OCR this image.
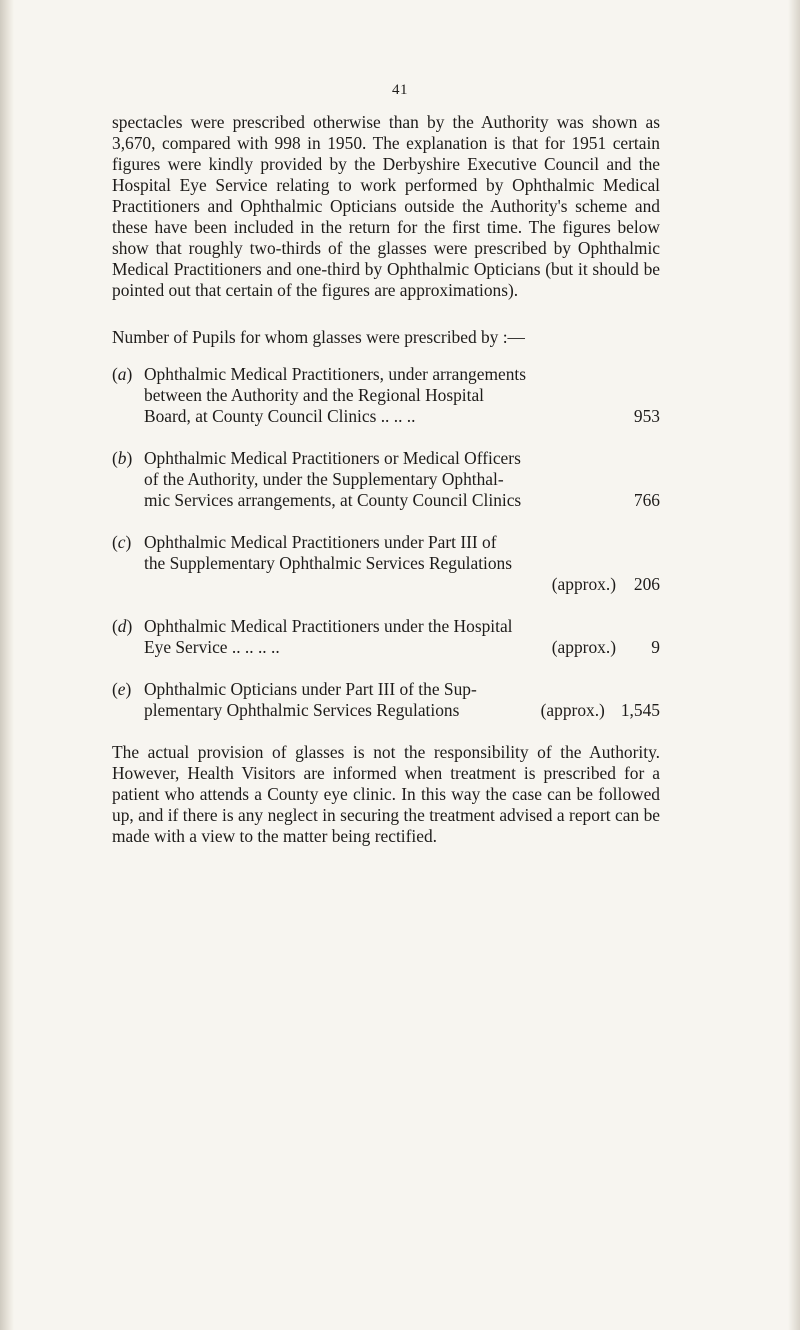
41

spectacles were prescribed otherwise than by the Authority was shown as 3,670, compared with 998 in 1950. The explanation is that for 1951 certain figures were kindly provided by the Derbyshire Executive Council and the Hospital Eye Service relating to work performed by Ophthalmic Medical Practitioners and Ophthalmic Opticians outside the Authority's scheme and these have been included in the return for the first time. The figures below show that roughly two-thirds of the glasses were prescribed by Ophthalmic Medical Practitioners and one-third by Ophthalmic Opticians (but it should be pointed out that certain of the figures are approximations).

Number of Pupils for whom glasses were prescribed by :—

(a) Ophthalmic Medical Practitioners, under arrangements
between the Authority and the Regional Hospital
Board, at County Council Clinics .. .. ..	953
(b) Ophthalmic Medical Practitioners or Medical Officers
of the Authority, under the Supplementary Ophthal-
mic Services arrangements, at County Council Clinics	766
(c) Ophthalmic Medical Practitioners under Part III of
the Supplementary Ophthalmic Services Regulations
(approx.) 206
(d) Ophthalmic Medical Practitioners under the Hospital
Eye Service .. .. .. ..	(approx.)	9
(e) Ophthalmic Opticians under Part III of the Sup-
plementary Ophthalmic Services Regulations	(approx.) 1,545

The actual provision of glasses is not the responsibility of the Authority. However, Health Visitors are informed when treatment is prescribed for a patient who attends a County eye clinic. In this way the case can be followed up, and if there is any neglect in securing the treatment advised a report can be made with a view to the matter being rectified.
